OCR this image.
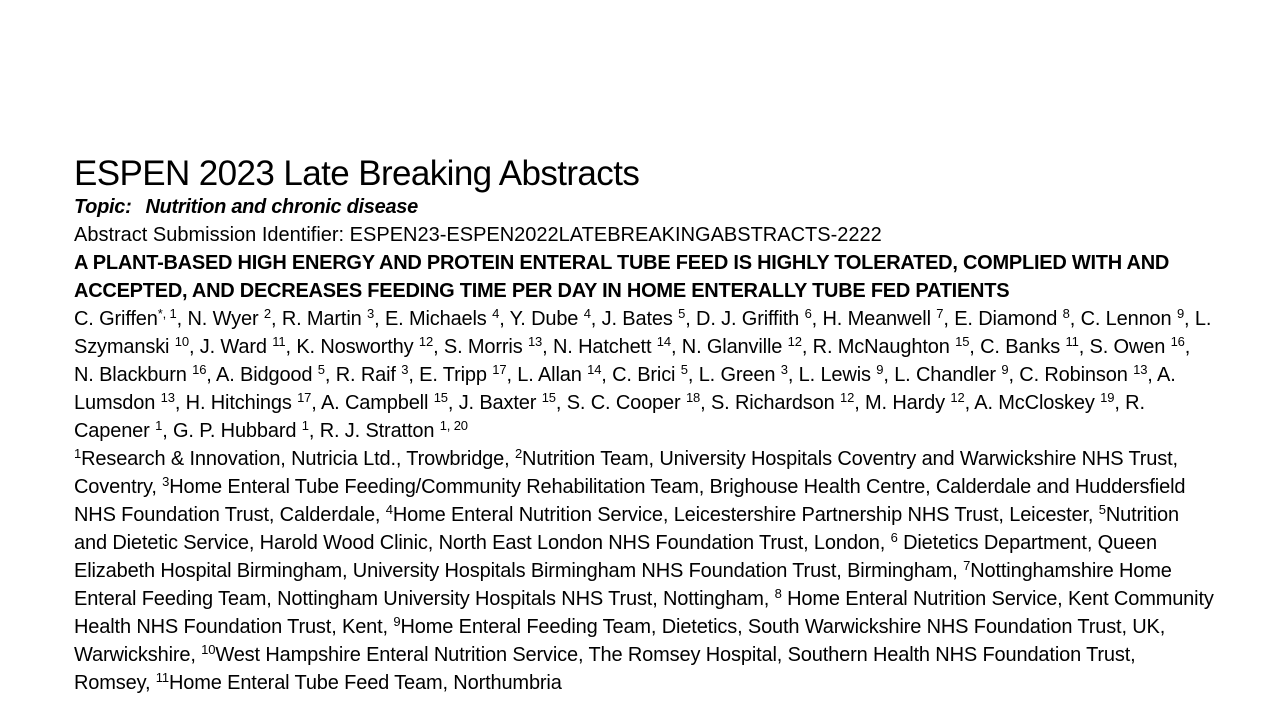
ESPEN 2023 Late Breaking Abstracts
Topic: Nutrition and chronic disease
Abstract Submission Identifier: ESPEN23-ESPEN2022LATEBREAKINGABSTRACTS-2222
A PLANT-BASED HIGH ENERGY AND PROTEIN ENTERAL TUBE FEED IS HIGHLY TOLERATED, COMPLIED WITH AND ACCEPTED, AND DECREASES FEEDING TIME PER DAY IN HOME ENTERALLY TUBE FED PATIENTS
C. Griffen$^{*, 1}$, N. Wyer $^2$, R. Martin $^3$, E. Michaels $^4$, Y. Dube $^4$, J. Bates $^5$, D. J. Griffith $^6$, H. Meanwell $^7$, E. Diamond $^8$, C. Lennon $^9$, L. Szymanski $^{10}$, J. Ward $^{11}$, K. Nosworthy $^{12}$, S. Morris $^{13}$, N. Hatchett $^{14}$, N. Glanville $^{12}$, R. McNaughton $^{15}$, C. Banks $^{11}$, S. Owen $^{16}$, N. Blackburn $^{16}$, A. Bidgood $^5$, R. Raif $^3$, E. Tripp $^{17}$, L. Allan $^{14}$, C. Brici $^5$, L. Green $^3$, L. Lewis $^9$, L. Chandler $^9$, C. Robinson $^{13}$, A. Lumsdon $^{13}$, H. Hitchings $^{17}$, A. Campbell $^{15}$, J. Baxter $^{15}$, S. C. Cooper $^{18}$, S. Richardson $^{12}$, M. Hardy $^{12}$, A. McCloskey $^{19}$, R. Capener $^1$, G. P. Hubbard $^1$, R. J. Stratton $^{1, 20}$
$^1$Research & Innovation, Nutricia Ltd., Trowbridge, $^2$Nutrition Team, University Hospitals Coventry and Warwickshire NHS Trust, Coventry, $^3$Home Enteral Tube Feeding/Community Rehabilitation Team, Brighouse Health Centre, Calderdale and Huddersfield NHS Foundation Trust, Calderdale, $^4$Home Enteral Nutrition Service, Leicestershire Partnership NHS Trust, Leicester, $^5$Nutrition and Dietetic Service, Harold Wood Clinic, North East London NHS Foundation Trust, London, $^6$ Dietetics Department, Queen Elizabeth Hospital Birmingham, University Hospitals Birmingham NHS Foundation Trust, Birmingham, $^7$Nottinghamshire Home Enteral Feeding Team, Nottingham University Hospitals NHS Trust, Nottingham, $^8$ Home Enteral Nutrition Service, Kent Community Health NHS Foundation Trust, Kent, $^9$Home Enteral Feeding Team, Dietetics, South Warwickshire NHS Foundation Trust, UK, Warwickshire, $^{10}$West Hampshire Enteral Nutrition Service, The Romsey Hospital, Southern Health NHS Foundation Trust, Romsey, $^{11}$Home Enteral Tube Feed Team, Northumbria
